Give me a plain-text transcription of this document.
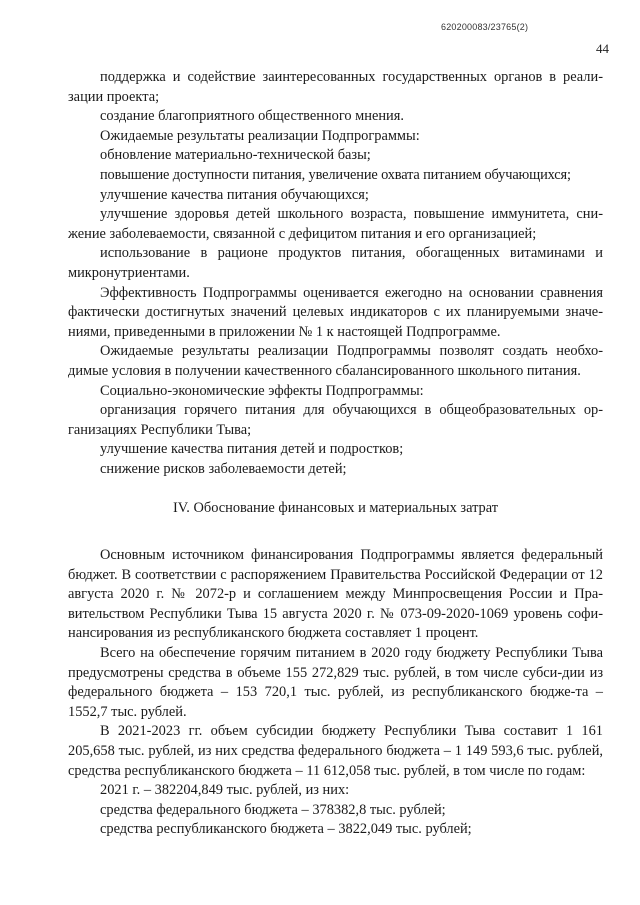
620200083/23765(2)
44

поддержка и содействие заинтересованных государственных органов в реали-зации проекта;

создание благоприятного общественного мнения.

Ожидаемые результаты реализации Подпрограммы:

обновление материально-технической базы;

повышение доступности питания, увеличение охвата питанием обучающихся;

улучшение качества питания обучающихся;

улучшение здоровья детей школьного возраста, повышение иммунитета, сни-жение заболеваемости, связанной с дефицитом питания и его организацией;

использование в рационе продуктов питания, обогащенных витаминами и микронутриентами.

Эффективность Подпрограммы оценивается ежегодно на основании сравнения фактически достигнутых значений целевых индикаторов с их планируемыми значе-ниями, приведенными в приложении № 1 к настоящей Подпрограмме.

Ожидаемые результаты реализации Подпрограммы позволят создать необхо-димые условия в получении качественного сбалансированного школьного питания.

Социально-экономические эффекты Подпрограммы:

организация горячего питания для обучающихся в общеобразовательных ор-ганизациях Республики Тыва;

улучшение качества питания детей и подростков;

снижение рисков заболеваемости детей;

IV. Обоснование финансовых и материальных затрат

Основным источником финансирования Подпрограммы является федеральный бюджет. В соответствии с распоряжением Правительства Российской Федерации от 12 августа 2020 г. № 2072-р и соглашением между Минпросвещения России и Пра-вительством Республики Тыва 15 августа 2020 г. № 073-09-2020-1069 уровень софи-нансирования из республиканского бюджета составляет 1 процент.

Всего на обеспечение горячим питанием в 2020 году бюджету Республики Тыва предусмотрены средства в объеме 155 272,829 тыс. рублей, в том числе субси-дии из федерального бюджета – 153 720,1 тыс. рублей, из республиканского бюдже-та – 1552,7 тыс. рублей.

В 2021-2023 гг. объем субсидии бюджету Республики Тыва составит 1 161 205,658 тыс. рублей, из них средства федерального бюджета – 1 149 593,6 тыс. рублей, средства республиканского бюджета – 11 612,058 тыс. рублей, в том числе по годам:

2021 г. – 382204,849 тыс. рублей, из них:

средства федерального бюджета – 378382,8 тыс. рублей;

средства республиканского бюджета – 3822,049 тыс. рублей;
